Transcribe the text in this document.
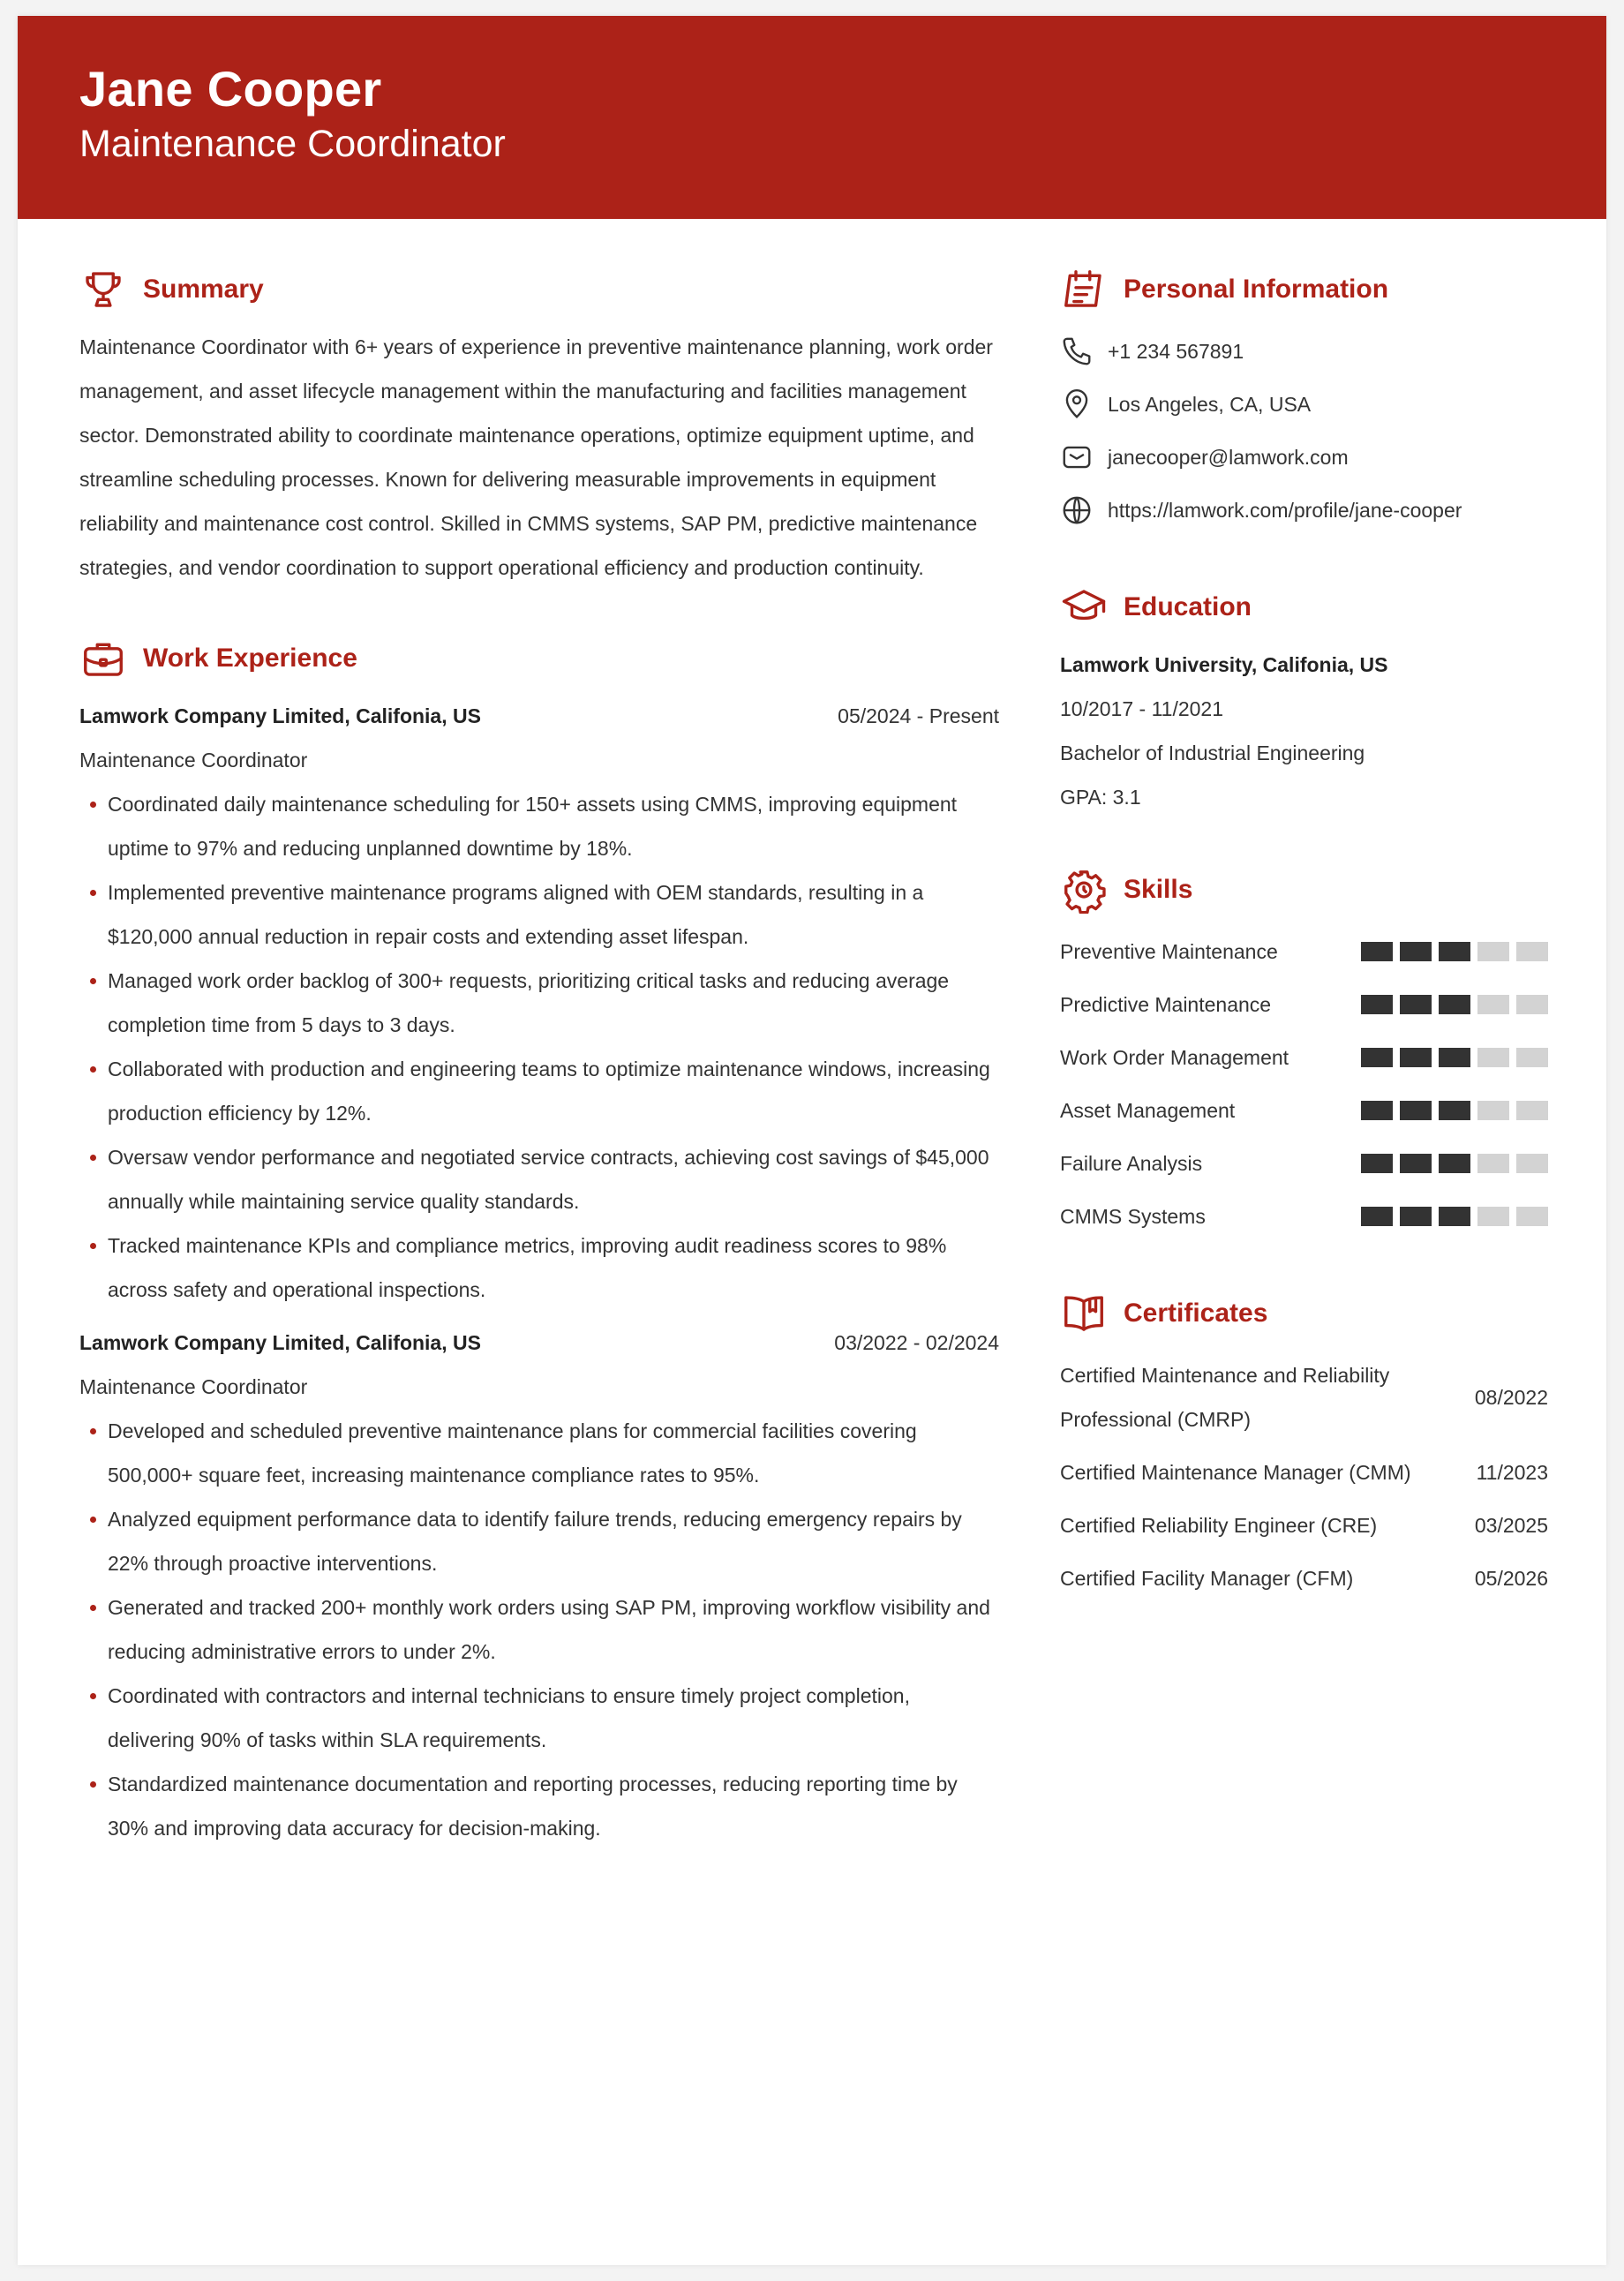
Jane Cooper
Maintenance Coordinator
Summary

Maintenance Coordinator with 6+ years of experience in preventive maintenance planning, work order management, and asset lifecycle management within the manufacturing and facilities management sector. Demonstrated ability to coordinate maintenance operations, optimize equipment uptime, and streamline scheduling processes. Known for delivering measurable improvements in equipment reliability and maintenance cost control. Skilled in CMMS systems, SAP PM, predictive maintenance strategies, and vendor coordination to support operational efficiency and production continuity.

Work Experience
Lamwork Company Limited, Califonia, US	05/2024 - Present
Maintenance Coordinator
Coordinated daily maintenance scheduling for 150+ assets using CMMS, improving equipment uptime to 97% and reducing unplanned downtime by 18%.
Implemented preventive maintenance programs aligned with OEM standards, resulting in a $120,000 annual reduction in repair costs and extending asset lifespan.
Managed work order backlog of 300+ requests, prioritizing critical tasks and reducing average completion time from 5 days to 3 days.
Collaborated with production and engineering teams to optimize maintenance windows, increasing production efficiency by 12%.
Oversaw vendor performance and negotiated service contracts, achieving cost savings of $45,000 annually while maintaining service quality standards.
Tracked maintenance KPIs and compliance metrics, improving audit readiness scores to 98% across safety and operational inspections.
Lamwork Company Limited, Califonia, US	03/2022 - 02/2024
Maintenance Coordinator
Developed and scheduled preventive maintenance plans for commercial facilities covering 500,000+ square feet, increasing maintenance compliance rates to 95%.
Analyzed equipment performance data to identify failure trends, reducing emergency repairs by 22% through proactive interventions.
Generated and tracked 200+ monthly work orders using SAP PM, improving workflow visibility and reducing administrative errors to under 2%.
Coordinated with contractors and internal technicians to ensure timely project completion, delivering 90% of tasks within SLA requirements.
Standardized maintenance documentation and reporting processes, reducing reporting time by 30% and improving data accuracy for decision-making.
Personal Information
+1 234 567891
Los Angeles, CA, USA
janecooper@lamwork.com
https://lamwork.com/profile/jane-cooper
Education
Lamwork University, Califonia, US
10/2017 - 11/2021
Bachelor of Industrial Engineering
GPA: 3.1
Skills
Preventive Maintenance
Predictive Maintenance
Work Order Management
Asset Management
Failure Analysis
CMMS Systems
Certificates
Certified Maintenance and Reliability Professional (CMRP)
08/2022
Certified Maintenance Manager (CMM)	11/2023
Certified Reliability Engineer (CRE)	03/2025
Certified Facility Manager (CFM)	05/2026
